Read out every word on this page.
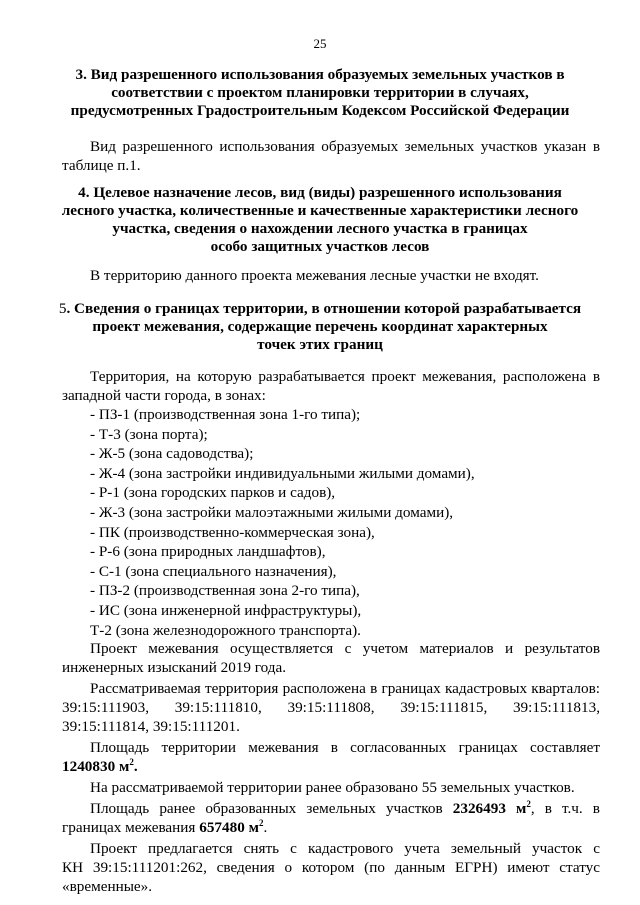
25
3. Вид разрешенного использования образуемых земельных участков в
соответствии с проектом планировки территории в случаях,
предусмотренных Градостроительным Кодексом Российской Федерации
Вид разрешенного использования образуемых земельных участков указан в
таблице п.1.
4. Целевое назначение лесов, вид (виды) разрешенного использования
лесного участка, количественные и качественные характеристики лесного
участка, сведения о нахождении лесного участка в границах
особо защитных участков лесов
В территорию данного проекта межевания лесные участки не входят.
5. Сведения о границах территории, в отношении которой разрабатывается
проект межевания, содержащие перечень координат характерных
точек этих границ
Территория, на которую разрабатывается проект межевания, расположена в
западной части города, в зонах:
- ПЗ-1 (производственная зона 1-го типа);
- Т-3 (зона порта);
- Ж-5 (зона садоводства);
- Ж-4 (зона застройки индивидуальными жилыми домами),
- Р-1 (зона городских парков и садов),
- Ж-3 (зона застройки малоэтажными жилыми домами),
- ПК (производственно-коммерческая зона),
- Р-6 (зона природных ландшафтов),
- С-1 (зона специального назначения),
- ПЗ-2 (производственная зона 2-го типа),
- ИС (зона инженерной инфраструктуры),
Т-2 (зона железнодорожного транспорта).
Проект межевания осуществляется с учетом материалов и результатов
инженерных изысканий 2019 года.
Рассматриваемая территория расположена в границах кадастровых кварталов:
39:15:111903, 39:15:111810, 39:15:111808, 39:15:111815, 39:15:111813,
39:15:111814, 39:15:111201.
Площадь территории межевания в согласованных границах составляет
1240830 $м^2$.
На рассматриваемой территории ранее образовано 55 земельных участков.
Площадь ранее образованных земельных участков 2326493 $м^2$, в т.ч. в
границах межевания 657480 $м^2$.
Проект предлагается снять с кадастрового учета земельный участок с
КН 39:15:111201:262, сведения о котором (по данным ЕГРН) имеют статус
«временные».
